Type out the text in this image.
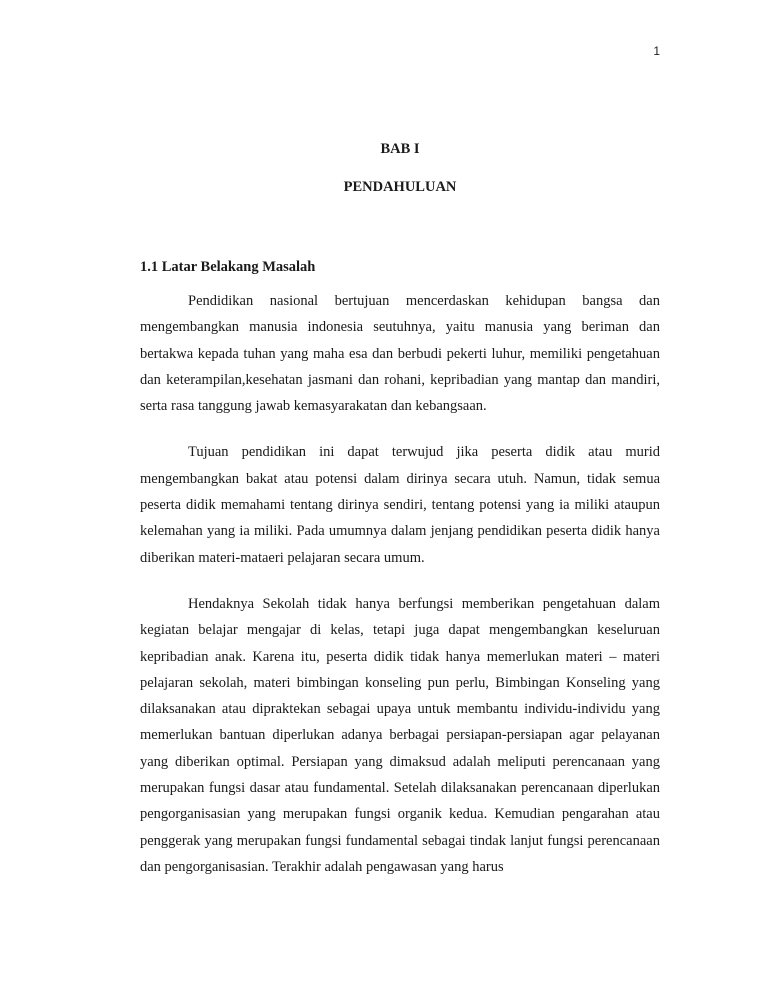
1
BAB I
PENDAHULUAN
1.1 Latar Belakang Masalah

Pendidikan nasional bertujuan mencerdaskan kehidupan bangsa dan mengembangkan manusia indonesia seutuhnya, yaitu manusia yang beriman dan bertakwa kepada tuhan yang maha esa dan berbudi pekerti luhur, memiliki pengetahuan dan keterampilan,kesehatan jasmani dan rohani, kepribadian yang mantap dan mandiri, serta rasa tanggung jawab kemasyarakatan dan kebangsaan.

Tujuan pendidikan ini dapat terwujud jika peserta didik atau murid mengembangkan bakat atau potensi dalam dirinya secara utuh. Namun, tidak semua peserta didik memahami tentang dirinya sendiri, tentang potensi yang ia miliki ataupun kelemahan yang ia miliki. Pada umumnya dalam jenjang pendidikan peserta didik hanya diberikan materi-mataeri pelajaran secara umum.

Hendaknya Sekolah tidak hanya berfungsi memberikan pengetahuan dalam kegiatan belajar mengajar di kelas, tetapi juga dapat mengembangkan keseluruan kepribadian anak. Karena itu, peserta didik tidak hanya memerlukan materi – materi pelajaran sekolah, materi bimbingan konseling pun perlu, Bimbingan Konseling yang dilaksanakan atau dipraktekan sebagai upaya untuk membantu individu-individu yang memerlukan bantuan diperlukan adanya berbagai persiapan-persiapan agar pelayanan yang diberikan optimal. Persiapan yang dimaksud adalah meliputi perencanaan yang merupakan fungsi dasar atau fundamental. Setelah dilaksanakan perencanaan diperlukan pengorganisasian yang merupakan fungsi organik kedua. Kemudian pengarahan atau penggerak yang merupakan fungsi fundamental sebagai tindak lanjut fungsi perencanaan dan pengorganisasian. Terakhir adalah pengawasan yang harus
